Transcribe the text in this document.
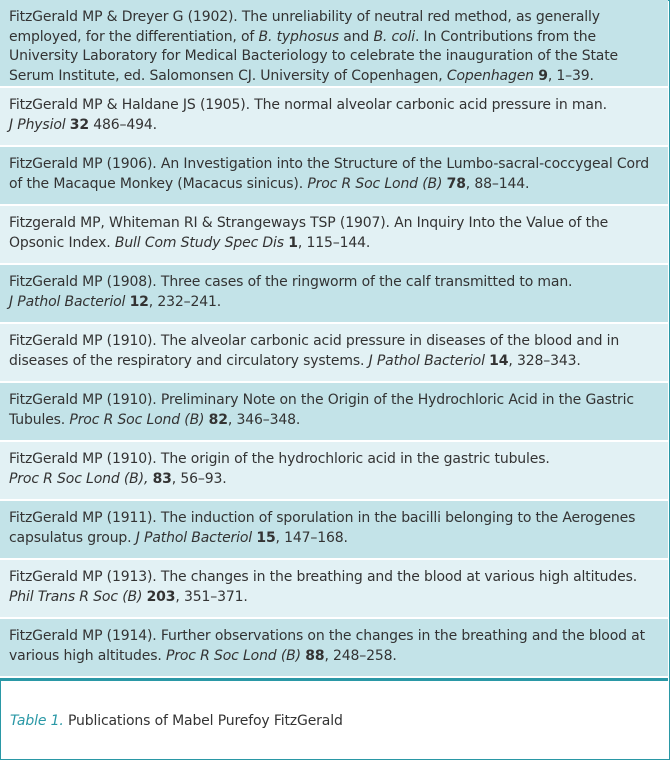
FitzGerald MP & Dreyer G (1902). The unreliability of neutral red method, as generally employed, for the differentiation, of B. typhosus and B. coli. In Contributions from the University Laboratory for Medical Bacteriology to celebrate the inauguration of the State Serum Institute, ed. Salomonsen CJ. University of Copenhagen, Copenhagen 9, 1–39.
FitzGerald MP & Haldane JS (1905). The normal alveolar carbonic acid pressure in man.
J Physiol 32 486–494.
FitzGerald MP (1906). An Investigation into the Structure of the Lumbo-sacral-coccygeal Cord of the Macaque Monkey (Macacus sinicus). Proc R Soc Lond (B) 78, 88–144.
Fitzgerald MP, Whiteman RI & Strangeways TSP (1907). An Inquiry Into the Value of the Opsonic Index. Bull Com Study Spec Dis 1, 115–144.
FitzGerald MP (1908). Three cases of the ringworm of the calf transmitted to man.
J Pathol Bacteriol 12, 232–241.
FitzGerald MP (1910). The alveolar carbonic acid pressure in diseases of the blood and in diseases of the respiratory and circulatory systems. J Pathol Bacteriol 14, 328–343.
FitzGerald MP (1910). Preliminary Note on the Origin of the Hydrochloric Acid in the Gastric Tubules. Proc R Soc Lond (B) 82, 346–348.
FitzGerald MP (1910). The origin of the hydrochloric acid in the gastric tubules.
Proc R Soc Lond (B), 83, 56–93.
FitzGerald MP (1911). The induction of sporulation in the bacilli belonging to the Aerogenes capsulatus group. J Pathol Bacteriol 15, 147–168.
FitzGerald MP (1913). The changes in the breathing and the blood at various high altitudes.
Phil Trans R Soc (B) 203, 351–371.
FitzGerald MP (1914). Further observations on the changes in the breathing and the blood at various high altitudes. Proc R Soc Lond (B) 88, 248–258.
Table 1. Publications of Mabel Purefoy FitzGerald
